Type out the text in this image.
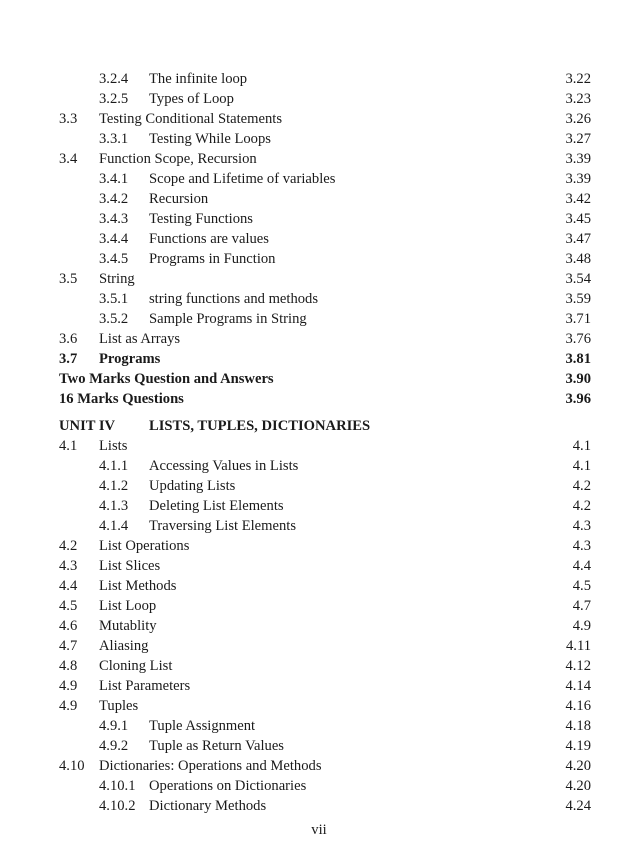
3.2.4 The infinite loop	3.22
3.2.5 Types of Loop	3.23
3.3 Testing Conditional Statements	3.26
3.3.1 Testing While Loops	3.27
3.4 Function Scope, Recursion	3.39
3.4.1 Scope and Lifetime of variables	3.39
3.4.2 Recursion	3.42
3.4.3 Testing Functions	3.45
3.4.4 Functions are values	3.47
3.4.5 Programs in Function	3.48
3.5 String	3.54
3.5.1 string functions and methods	3.59
3.5.2 Sample Programs in String	3.71
3.6 List as Arrays	3.76
3.7 Programs	3.81
Two Marks Question and Answers	3.90
16 Marks Questions	3.96
UNIT IV LISTS, TUPLES, DICTIONARIES
4.1 Lists	4.1
4.1.1 Accessing Values in Lists	4.1
4.1.2 Updating Lists	4.2
4.1.3 Deleting List Elements	4.2
4.1.4 Traversing List Elements	4.3
4.2 List Operations	4.3
4.3 List Slices	4.4
4.4 List Methods	4.5
4.5 List Loop	4.7
4.6 Mutablity	4.9
4.7 Aliasing	4.11
4.8 Cloning List	4.12
4.9 List Parameters	4.14
4.9 Tuples	4.16
4.9.1 Tuple Assignment	4.18
4.9.2 Tuple as Return Values	4.19
4.10 Dictionaries: Operations and Methods	4.20
4.10.1 Operations on Dictionaries	4.20
4.10.2 Dictionary Methods	4.24
vii
